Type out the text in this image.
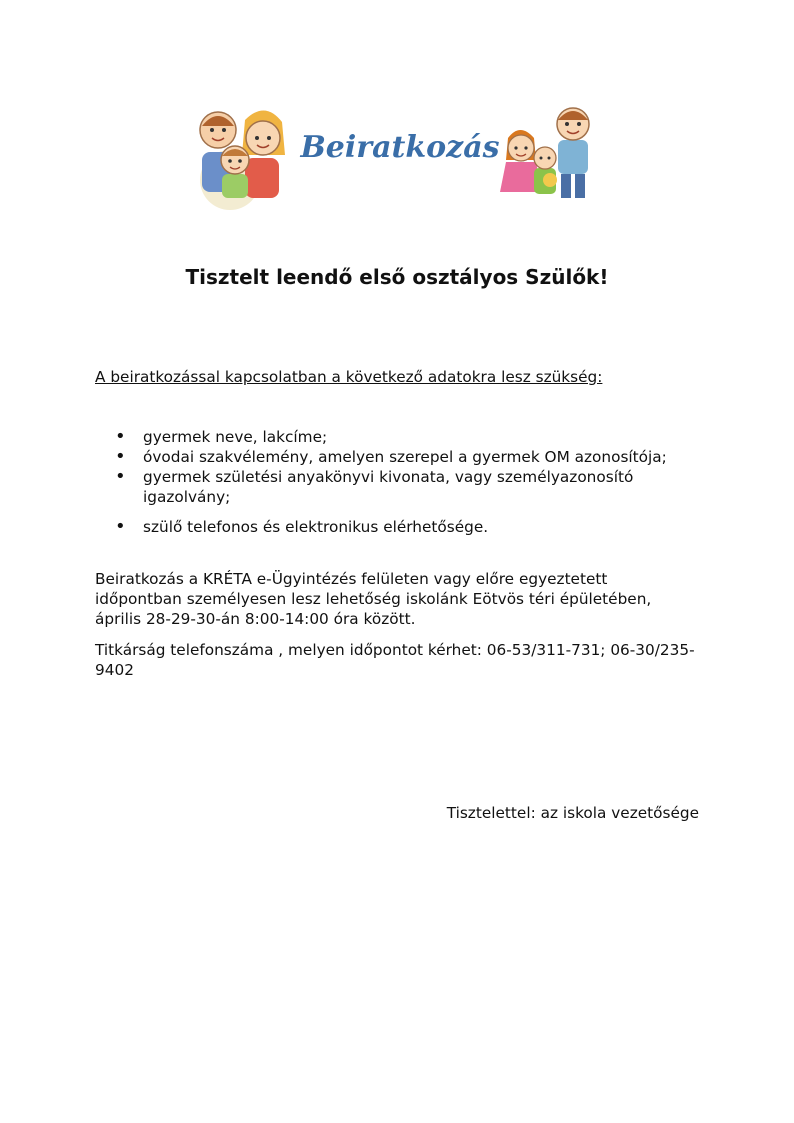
Beiratkozás
Tisztelt leendő első osztályos Szülők!

A beiratkozással kapcsolatban a következő adatokra lesz szükség:

• gyermek neve, lakcíme;
• óvodai szakvélemény, amelyen szerepel a gyermek OM azonosítója;
• gyermek születési anyakönyvi kivonata, vagy személyazonosító igazolvány;
• szülő telefonos és elektronikus elérhetősége.

Beiratkozás a KRÉTA e-Ügyintézés felületen vagy előre egyeztetett időpontban személyesen lesz lehetőség iskolánk Eötvös téri épületében, április 28-29-30-án 8:00-14:00 óra között.

Titkárság telefonszáma , melyen időpontot kérhet: 06-53/311-731; 06-30/235-9402

Tisztelettel: az iskola vezetősége
